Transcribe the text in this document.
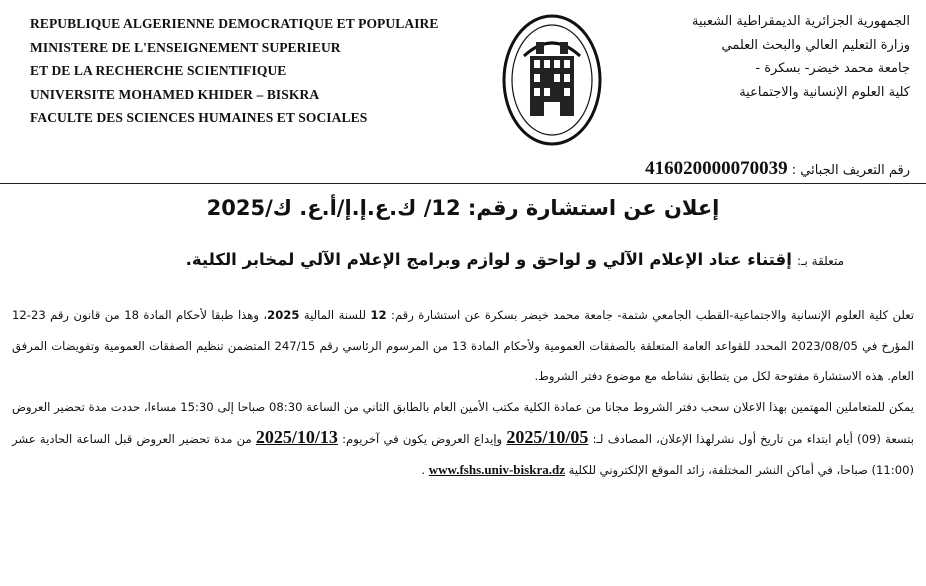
REPUBLIQUE ALGERIENNE DEMOCRATIQUE ET POPULAIRE
MINISTERE DE L'ENSEIGNEMENT SUPERIEUR
ET DE LA RECHERCHE SCIENTIFIQUE
UNIVERSITE MOHAMED KHIDER – BISKRA
FACULTE DES SCIENCES HUMAINES ET SOCIALES
الجمهورية الجزائرية الديمقراطية الشعبية
وزارة التعليم العالي والبحث العلمي
جامعة محمد خيضر- بسكرة -
كلية العلوم الإنسانية والاجتماعية
رقم التعريف الجبائي : 416020000070039
إعلان عن استشارة رقم: 12/ ك.ع.إ.إ/أ.ع. ك/2025
متعلقة بـ: إقتناء عتاد الإعلام الآلي و لواحق و لوازم وبرامج الإعلام الآلي لمخابر الكلية.

تعلن كلية العلوم الإنسانية والاجتماعية-القطب الجامعي شتمة- جامعة محمد خيضر بسكرة عن استشارة رقم: 12 للسنة المالية 2025، وهذا طبقا لأحكام المادة 18 من قانون رقم 23-12 المؤرخ في 2023/08/05 المحدد للقواعد العامة المتعلقة بالصفقات العمومية ولأحكام المادة 13 من المرسوم الرئاسي رقم 247/15 المتضمن تنظيم الصفقات العمومية وتفويضات المرفق العام. هذه الاستشارة مفتوحة لكل من يتطابق نشاطه مع موضوع دفتر الشروط.

يمكن للمتعاملين المهتمين بهذا الاعلان سحب دفتر الشروط مجانا من عمادة الكلية مكتب الأمين العام بالطابق الثاني من الساعة 08:30 صباحا إلى 15:30 مساءا، حددت مدة تحضير العروض بتسعة (09) أيام ابتداء من تاريخ أول نشرلهذا الإعلان، المصادف لـ: 2025/10/05 وإيداع العروض يكون في آخريوم: 2025/10/13 من مدة تحضير العروض قبل الساعة الحادية عشر (11:00) صباحا، في أماكن النشر المختلفة، زائد الموقع الإلكتروني للكلية www.fshs.univ-biskra.dz .
